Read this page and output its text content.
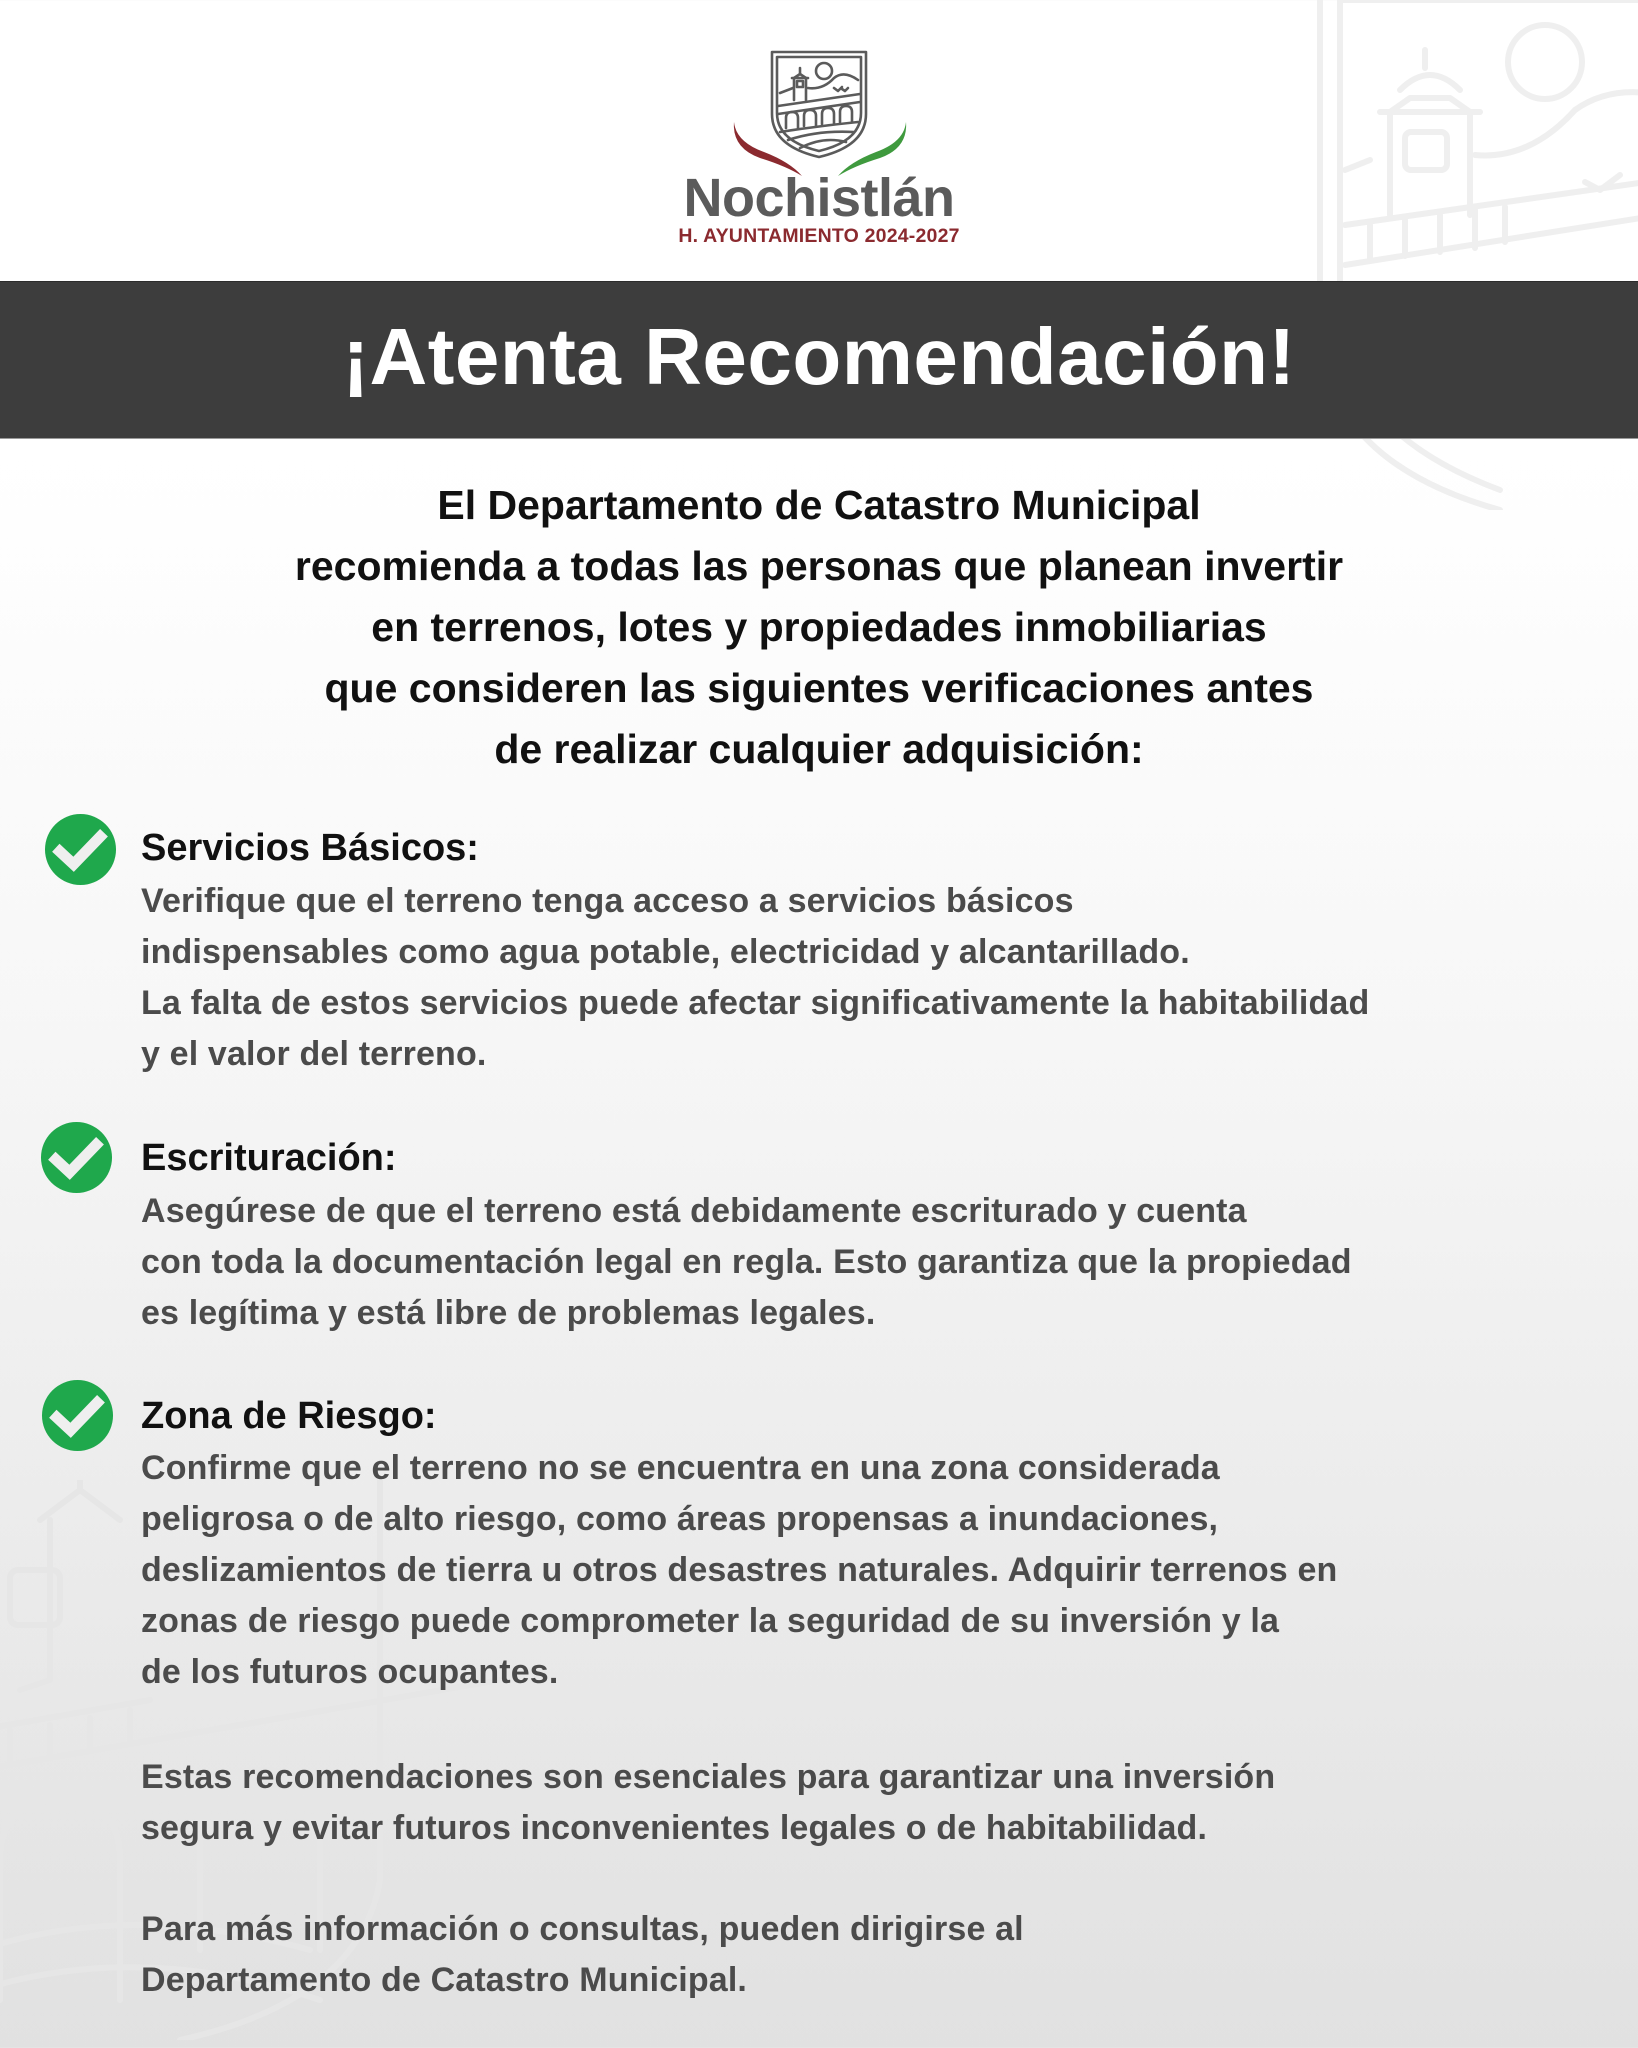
Nochistlán
H. AYUNTAMIENTO 2024-2027
¡Atenta Recomendación!
El Departamento de Catastro Municipal
recomienda a todas las personas que planean invertir
en terrenos, lotes y propiedades inmobiliarias
que consideren las siguientes verificaciones antes
de realizar cualquier adquisición:
Servicios Básicos:
Verifique que el terreno tenga acceso a servicios básicos
indispensables como agua potable, electricidad y alcantarillado.
La falta de estos servicios puede afectar significativamente la habitabilidad
y el valor del terreno.
Escrituración:
Asegúrese de que el terreno está debidamente escriturado y cuenta
con toda la documentación legal en regla. Esto garantiza que la propiedad
es legítima y está libre de problemas legales.
Zona de Riesgo:
Confirme que el terreno no se encuentra en una zona considerada
peligrosa o de alto riesgo, como áreas propensas a inundaciones,
deslizamientos de tierra u otros desastres naturales. Adquirir terrenos en
zonas de riesgo puede comprometer la seguridad de su inversión y la
de los futuros ocupantes.
Estas recomendaciones son esenciales para garantizar una inversión
segura y evitar futuros inconvenientes legales o de habitabilidad.
Para más información o consultas, pueden dirigirse al
Departamento de Catastro Municipal.
